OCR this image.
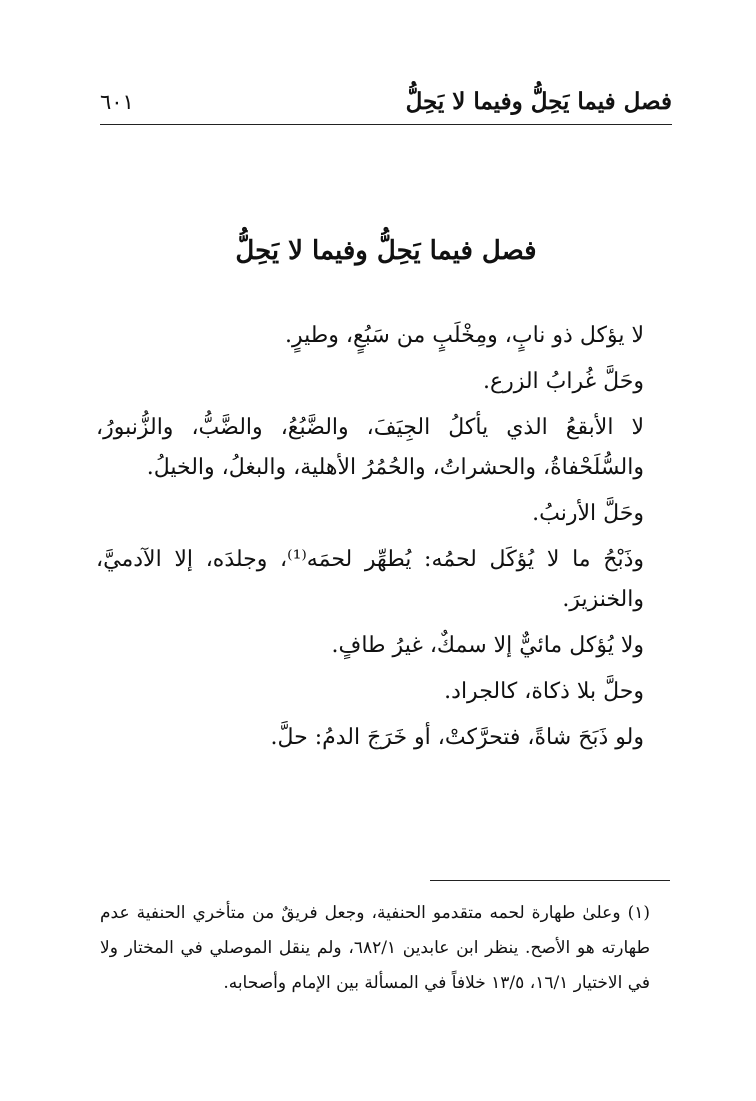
فصل فيما يَحِلُّ وفيما لا يَحِلُّ
٦٠١
فصل فيما يَحِلُّ وفيما لا يَحِلُّ

لا يؤكل ذو نابٍ، ومِخْلَبٍ من سَبُعٍ، وطيرٍ.

وحَلَّ غُرابُ الزرع.

لا الأبقعُ الذي يأكلُ الجِيَفَ، والضَّبُعُ، والضَّبُّ، والزُّنبورُ، والسُّلَحْفاةُ، والحشراتُ، والحُمُرُ الأهلية، والبغلُ، والخيلُ.

وحَلَّ الأرنبُ.

وذَبْحُ ما لا يُؤكَل لحمُه: يُطهِّر لحمَه⁽¹⁾، وجلدَه، إلا الآدميَّ، والخنزيرَ.

ولا يُؤكل مائيٌّ إلا سمكٌ، غيرُ طافٍ.

وحلَّ بلا ذكاة، كالجراد.

ولو ذَبَحَ شاةً، فتحرَّكتْ، أو خَرَجَ الدمُ: حلَّ.

(١) وعلىٰ طهارة لحمه متقدمو الحنفية، وجعل فريقٌ من متأخري الحنفية عدم طهارته هو الأصح. ينظر ابن عابدين ٦٨٢/١، ولم ينقل الموصلي في المختار ولا في الاختيار ١٦/١، ١٣/٥ خلافاً في المسألة بين الإمام وأصحابه.
